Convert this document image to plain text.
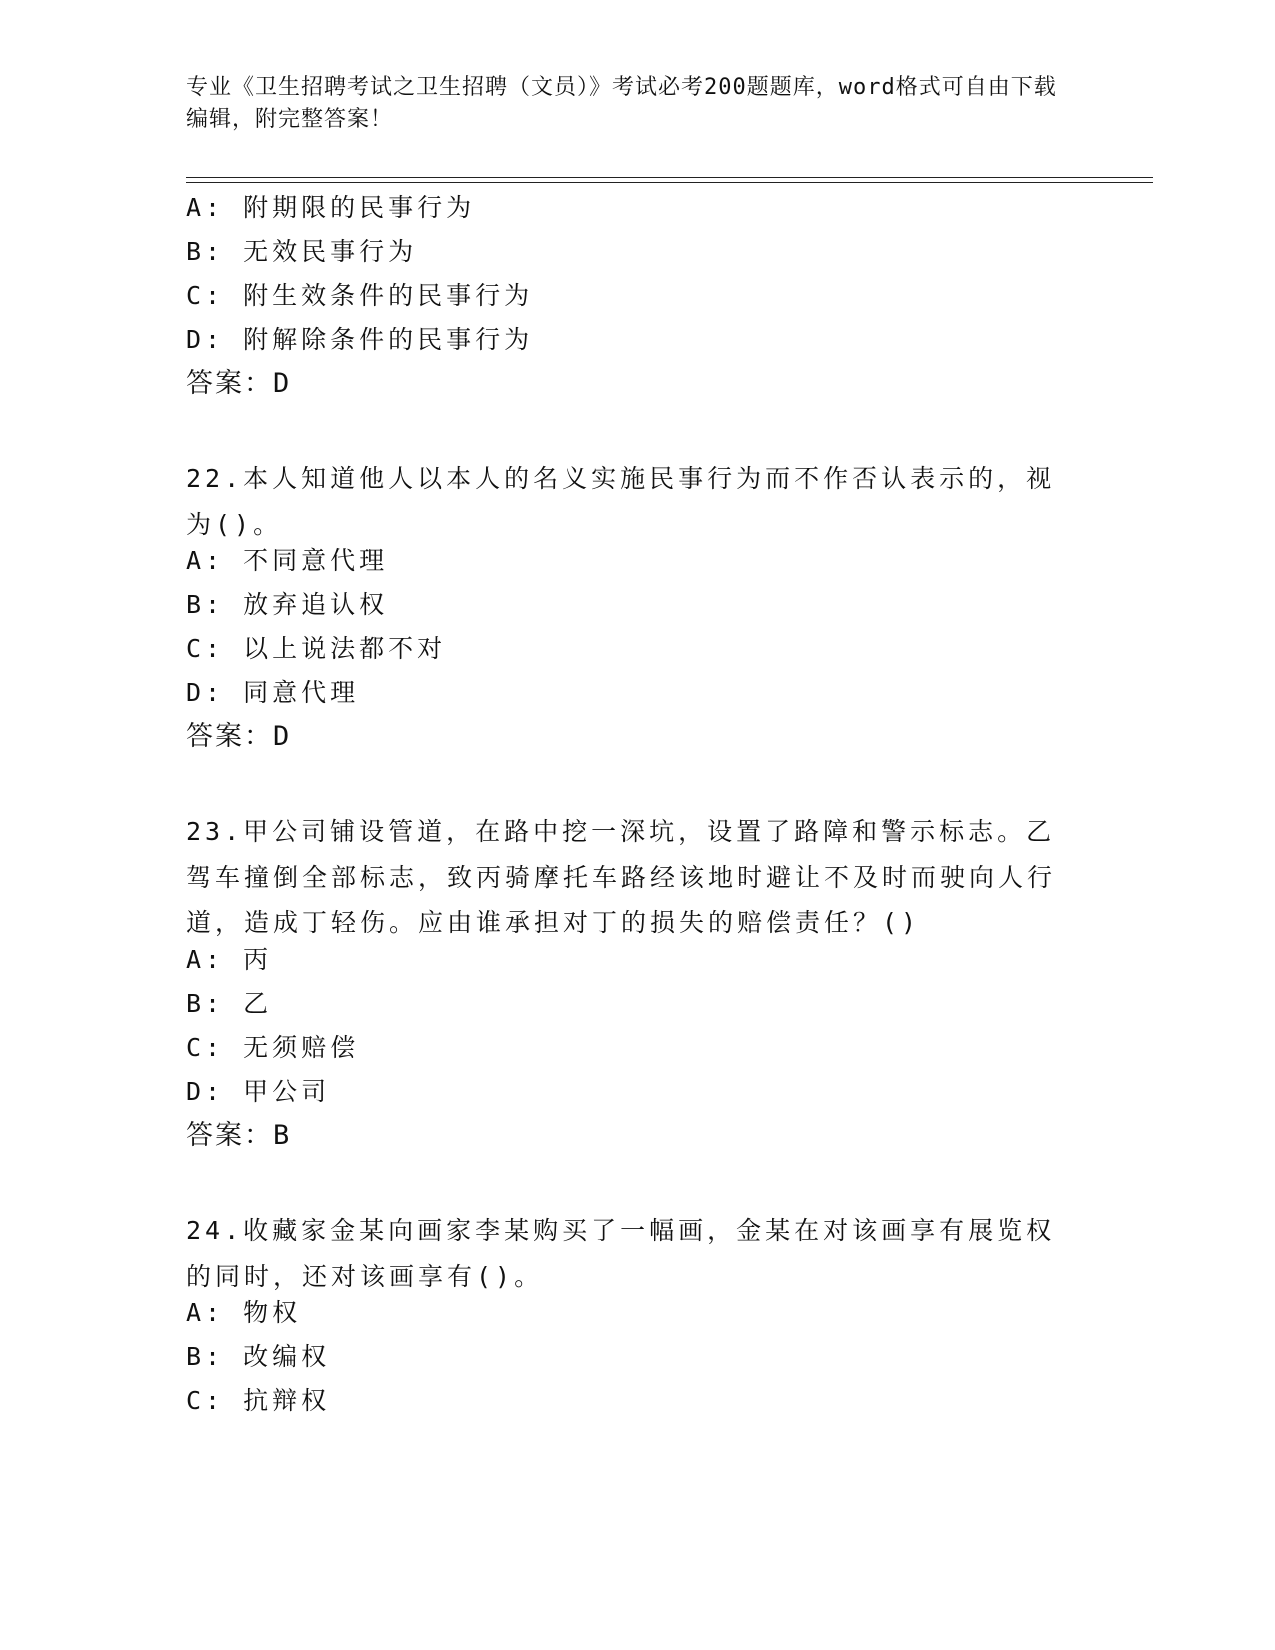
专业《卫生招聘考试之卫生招聘（文员）》考试必考200题题库，word格式可自由下载编辑，附完整答案！
A: 附期限的民事行为
B: 无效民事行为
C: 附生效条件的民事行为
D: 附解除条件的民事行为
答案：D
22.本人知道他人以本人的名义实施民事行为而不作否认表示的，视为()。
A: 不同意代理
B: 放弃追认权
C: 以上说法都不对
D: 同意代理
答案：D
23.甲公司铺设管道，在路中挖一深坑，设置了路障和警示标志。乙驾车撞倒全部标志，致丙骑摩托车路经该地时避让不及时而驶向人行道，造成丁轻伤。应由谁承担对丁的损失的赔偿责任？()
A: 丙
B: 乙
C: 无须赔偿
D: 甲公司
答案：B
24.收藏家金某向画家李某购买了一幅画，金某在对该画享有展览权的同时，还对该画享有()。
A: 物权
B: 改编权
C: 抗辩权
